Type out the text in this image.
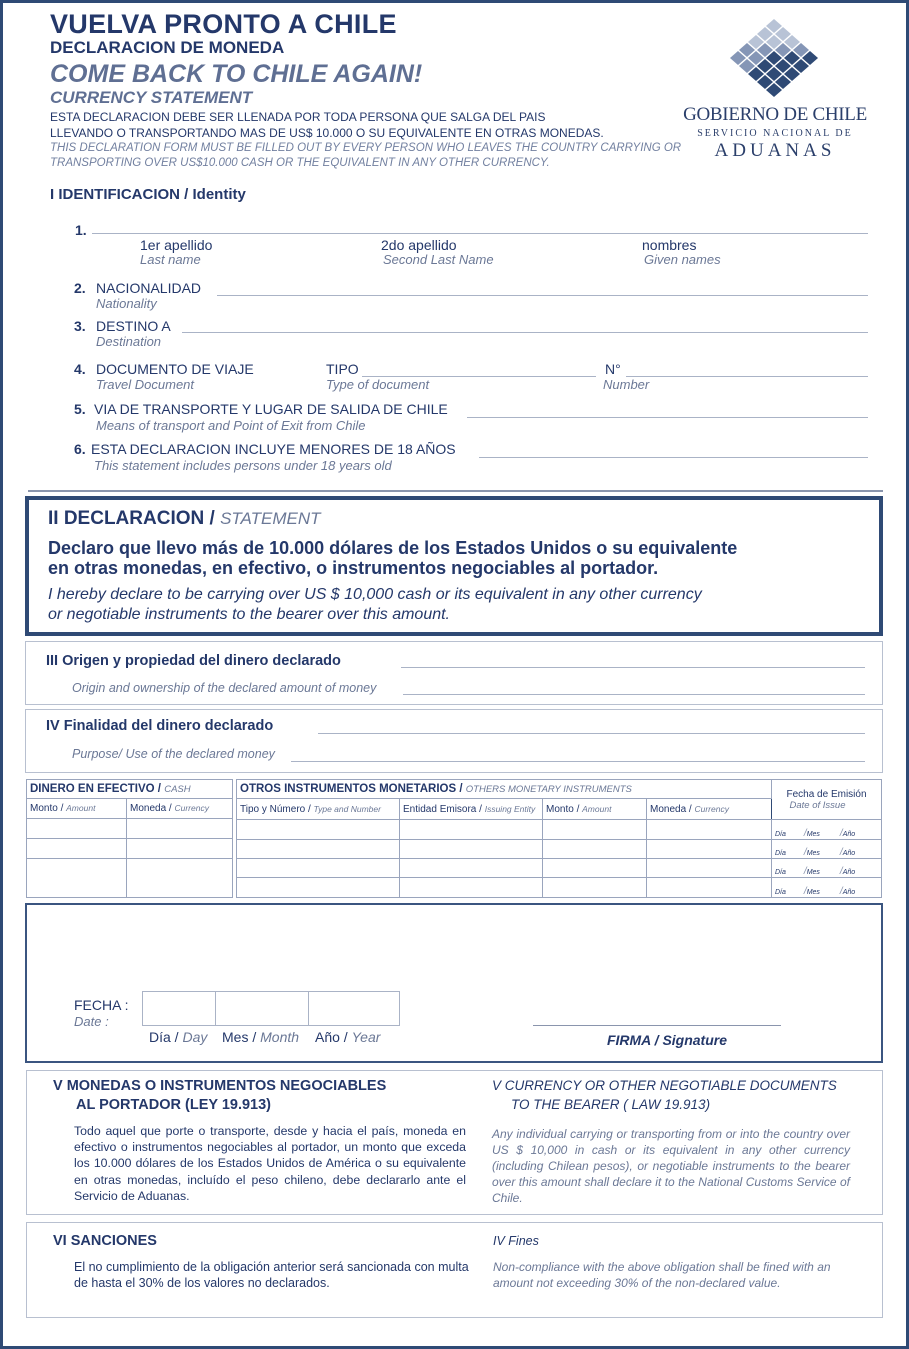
VUELVA PRONTO A CHILE
DECLARACION DE MONEDA
COME BACK TO CHILE AGAIN!
CURRENCY STATEMENT
ESTA DECLARACION DEBE SER LLENADA POR TODA PERSONA QUE SALGA DEL PAIS
LLEVANDO O TRANSPORTANDO MAS DE US$ 10.000 O SU EQUIVALENTE EN OTRAS MONEDAS.
THIS DECLARATION FORM MUST BE FILLED OUT BY EVERY PERSON WHO LEAVES THE COUNTRY CARRYING OR
TRANSPORTING OVER US$10.000 CASH OR THE EQUIVALENT IN ANY OTHER CURRENCY.
GOBIERNO DE CHILE
SERVICIO NACIONAL DE
ADUANAS
I IDENTIFICACION / Identity
1.
1er apellido
Last name
2do apellido
Second Last Name
nombres
Given names
2. NACIONALIDAD
Nationality
3. DESTINO A
Destination
4. DOCUMENTO DE VIAJE
Travel Document
TIPO
Type of document
N°
Number
5. VIA DE TRANSPORTE Y LUGAR DE SALIDA DE CHILE
Means of transport and Point of Exit from Chile
6. ESTA DECLARACION INCLUYE MENORES DE 18 AÑOS
This statement includes persons under 18 years old
II DECLARACION / STATEMENT
Declaro que llevo más de 10.000 dólares de los Estados Unidos o su equivalente
en otras monedas, en efectivo, o instrumentos negociables al portador.
I hereby declare to be carrying over US $ 10,000 cash or its equivalent in any other currency
or negotiable instruments to the bearer over this amount.
III Origen y propiedad del dinero declarado
Origin and ownership of the declared amount of money
IV Finalidad del dinero declarado
Purpose/ Use of the declared money
DINERO EN EFECTIVO / CASH	
Monto / Amount	Moneda / Currency

OTROS INSTRUMENTOS MONETARIOS / OTHERS MONETARY INSTRUMENTS				Fecha de Emisión
Date of Issue

Tipo y Número / Type and Number	Entidad Emisora / Issuing Entity	Monto / Amount	Moneda / Currency	
				Día /Mes /Año
				Día /Mes /Año
				Día /Mes /Año
				Día /Mes /Año
FECHA :
Date :
Día / Day Mes / Month Año / Year	FIRMA / Signature
V MONEDAS O INSTRUMENTOS NEGOCIABLES
AL PORTADOR (LEY 19.913)
Todo aquel que porte o transporte, desde y hacia el país, moneda en efectivo o instrumentos negociables al portador, un monto que exceda los 10.000 dólares de los Estados Unidos de América o su equivalente en otras monedas, incluído el peso chileno, debe declararlo ante el Servicio de Aduanas.
V CURRENCY OR OTHER NEGOTIABLE DOCUMENTS
TO THE BEARER ( LAW 19.913)
Any individual carrying or transporting from or into the country over US $ 10,000 in cash or its equivalent in any other currency (including Chilean pesos), or negotiable instruments to the bearer over this amount shall declare it to the National Customs Service of Chile.
VI SANCIONES
El no cumplimiento de la obligación anterior será sancionada con multa de hasta el 30% de los valores no declarados.
IV Fines
Non-compliance with the above obligation shall be fined with an amount not exceeding 30% of the non-declared value.
